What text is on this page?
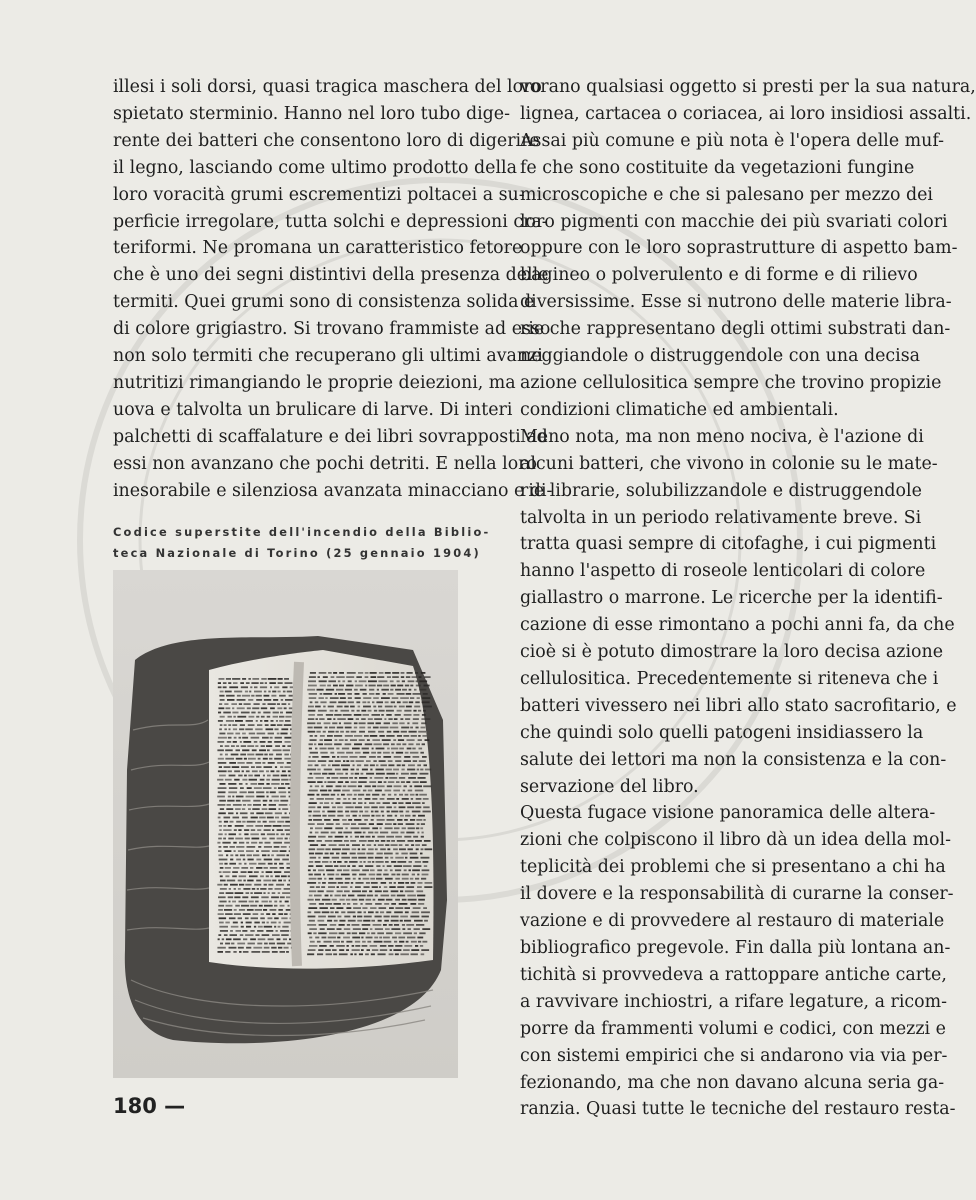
illesi i soli dorsi, quasi tragica maschera del loro
spietato sterminio. Hanno nel loro tubo dige-
rente dei batteri che consentono loro di digerire
il legno, lasciando come ultimo prodotto della
loro voracità grumi escrementizi poltacei a su-
perficie irregolare, tutta solchi e depressioni cra-
teriformi. Ne promana un caratteristico fetore
che è uno dei segni distintivi della presenza delle
termiti. Quei grumi sono di consistenza solida e
di colore grigiastro. Si trovano frammiste ad esso
non solo termiti che recuperano gli ultimi avanzi
nutritizi rimangiando le proprie deiezioni, ma
uova e talvolta un brulicare di larve. Di interi
palchetti di scaffalature e dei libri sovrapposti ad
essi non avanzano che pochi detriti. E nella loro
inesorabile e silenziosa avanzata minacciano e di-
Codice superstite dell'incendio della Biblio-
teca Nazionale di Torino (25 gennaio 1904)
180 —
vorano qualsiasi oggetto si presti per la sua natura,
lignea, cartacea o coriacea, ai loro insidiosi assalti.
Assai più comune e più nota è l'opera delle muf-
fe che sono costituite da vegetazioni fungine
microscopiche e che si palesano per mezzo dei
loro pigmenti con macchie dei più svariati colori
oppure con le loro soprastrutture di aspetto bam-
bagineo o polverulento e di forme e di rilievo
diversissime. Esse si nutrono delle materie libra-
rie che rappresentano degli ottimi substrati dan-
neggiandole o distruggendole con una decisa
azione cellulositica sempre che trovino propizie
condizioni climatiche ed ambientali.
Meno nota, ma non meno nociva, è l'azione di
alcuni batteri, che vivono in colonie su le mate-
rie librarie, solubilizzandole e distruggendole
talvolta in un periodo relativamente breve. Si
tratta quasi sempre di citofaghe, i cui pigmenti
hanno l'aspetto di roseole lenticolari di colore
giallastro o marrone. Le ricerche per la identifi-
cazione di esse rimontano a pochi anni fa, da che
cioè si è potuto dimostrare la loro decisa azione
cellulositica. Precedentemente si riteneva che i
batteri vivessero nei libri allo stato sacrofitario, e
che quindi solo quelli patogeni insidiassero la
salute dei lettori ma non la consistenza e la con-
servazione del libro.
Questa fugace visione panoramica delle altera-
zioni che colpiscono il libro dà un idea della mol-
teplicità dei problemi che si presentano a chi ha
il dovere e la responsabilità di curarne la conser-
vazione e di provvedere al restauro di materiale
bibliografico pregevole. Fin dalla più lontana an-
tichità si provvedeva a rattoppare antiche carte,
a ravvivare inchiostri, a rifare legature, a ricom-
porre da frammenti volumi e codici, con mezzi e
con sistemi empirici che si andarono via via per-
fezionando, ma che non davano alcuna seria ga-
ranzia. Quasi tutte le tecniche del restauro resta-
